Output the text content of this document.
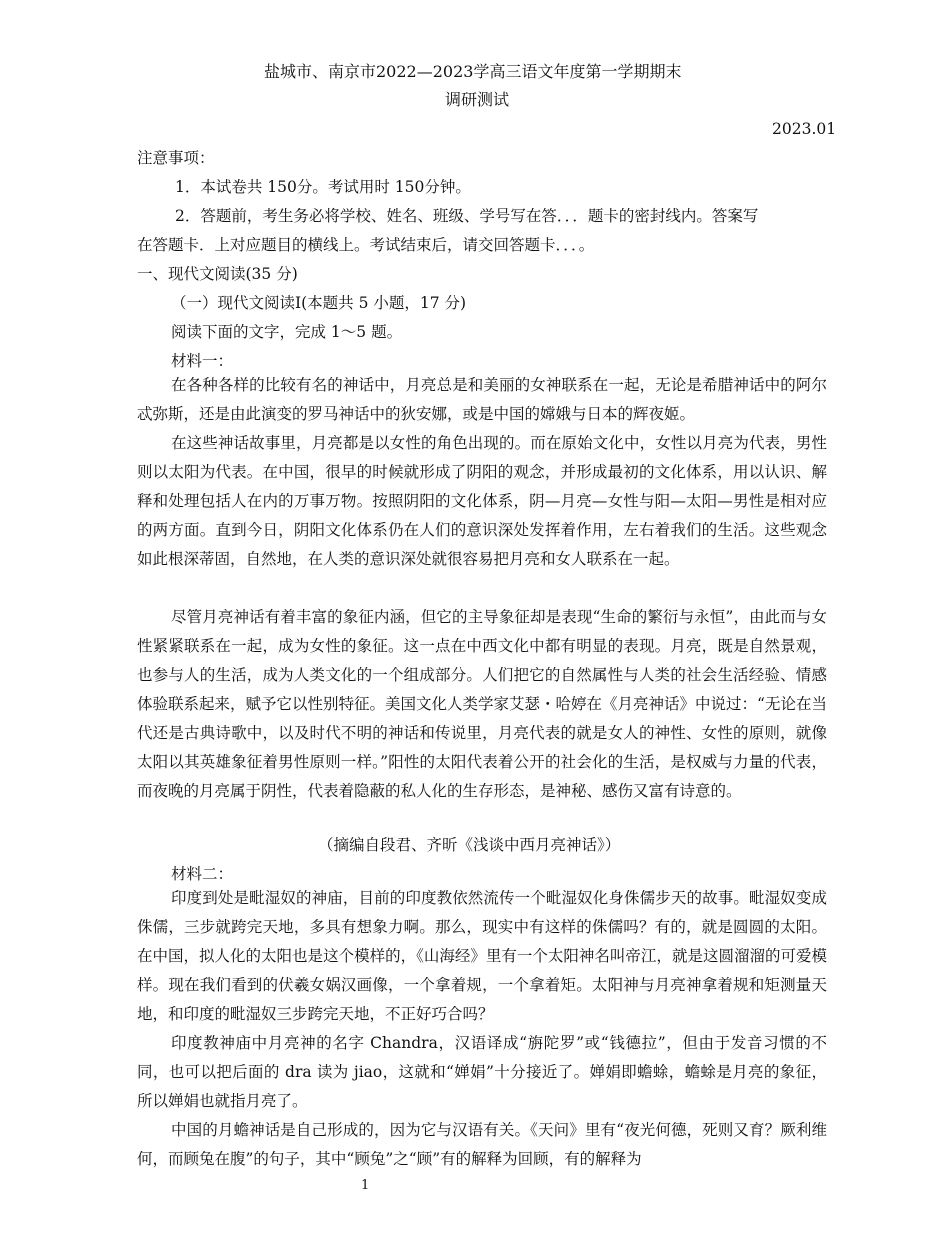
盐城市、南京市2022—2023学高三语文年度第一学期期末
调研测试
2023.01
注意事项：
1．本试卷共 150分。考试用时 150分钟。
2．答题前，考生务必将学校、姓名、班级、学号写在答．．．题卡的密封线内。答案写
在答题卡．上对应题目的横线上。考试结束后，请交回答题卡．．．。
一、现代文阅读(35 分)
（一）现代文阅读Ⅰ(本题共 5 小题，17 分)
阅读下面的文字，完成 1～5 题。
材料一：
在各种各样的比较有名的神话中，月亮总是和美丽的女神联系在一起，无论是希腊神话中的阿尔忒弥斯，还是由此演变的罗马神话中的狄安娜，或是中国的嫦娥与日本的辉夜姬。
在这些神话故事里，月亮都是以女性的角色出现的。而在原始文化中，女性以月亮为代表，男性则以太阳为代表。在中国，很早的时候就形成了阴阳的观念，并形成最初的文化体系，用以认识、解释和处理包括人在内的万事万物。按照阴阳的文化体系，阴—月亮—女性与阳—太阳—男性是相对应的两方面。直到今日，阴阳文化体系仍在人们的意识深处发挥着作用，左右着我们的生活。这些观念如此根深蒂固，自然地，在人类的意识深处就很容易把月亮和女人联系在一起。
尽管月亮神话有着丰富的象征内涵，但它的主导象征却是表现“生命的繁衍与永恒”，由此而与女性紧紧联系在一起，成为女性的象征。这一点在中西文化中都有明显的表现。月亮，既是自然景观，也参与人的生活，成为人类文化的一个组成部分。人们把它的自然属性与人类的社会生活经验、情感体验联系起来，赋予它以性别特征。美国文化人类学家艾瑟・哈婷在《月亮神话》中说过：“无论在当代还是古典诗歌中，以及时代不明的神话和传说里，月亮代表的就是女人的神性、女性的原则，就像太阳以其英雄象征着男性原则一样。”阳性的太阳代表着公开的社会化的生活，是权威与力量的代表，而夜晚的月亮属于阴性，代表着隐蔽的私人化的生存形态，是神秘、感伤又富有诗意的。
（摘编自段君、齐昕《浅谈中西月亮神话》）
材料二：
印度到处是毗湿奴的神庙，目前的印度教依然流传一个毗湿奴化身侏儒步天的故事。毗湿奴变成侏儒，三步就跨完天地，多具有想象力啊。那么，现实中有这样的侏儒吗？有的，就是圆圆的太阳。在中国，拟人化的太阳也是这个模样的，《山海经》里有一个太阳神名叫帝江，就是这圆溜溜的可爱模样。现在我们看到的伏羲女娲汉画像，一个拿着规，一个拿着矩。太阳神与月亮神拿着规和矩测量天地，和印度的毗湿奴三步跨完天地，不正好巧合吗？
印度教神庙中月亮神的名字 Chandra，汉语译成“旃陀罗”或“钱德拉”，但由于发音习惯的不同，也可以把后面的 dra 读为 jiao，这就和“婵娟”十分接近了。婵娟即蟾蜍，蟾蜍是月亮的象征，所以婵娟也就指月亮了。
中国的月蟾神话是自己形成的，因为它与汉语有关。《天问》里有“夜光何德，死则又育？厥利维何，而顾兔在腹”的句子，其中“顾兔”之“顾”有的解释为回顾，有的解释为
1
